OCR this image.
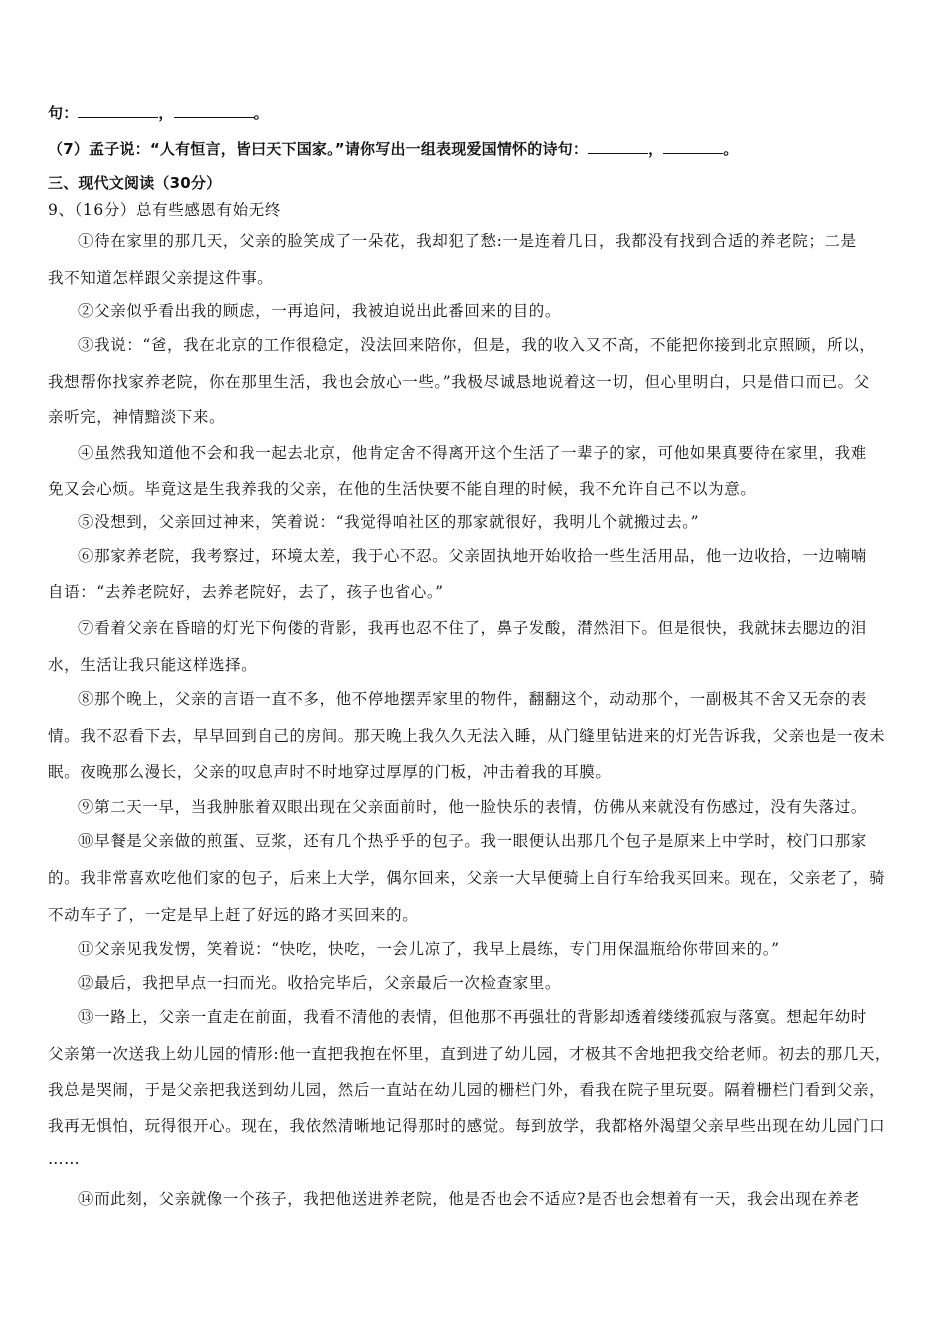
句：	，	。
（7）孟子说：“人有恒言，皆曰天下国家。”请你写出一组表现爱国情怀的诗句：	，	。
三、现代文阅读（30分）
9、（16分）总有些感恩有始无终
①待在家里的那几天，父亲的脸笑成了一朵花，我却犯了愁:一是连着几日，我都没有找到合适的养老院；二是
我不知道怎样跟父亲提这件事。
②父亲似乎看出我的顾虑，一再追问，我被迫说出此番回来的目的。
③我说：“爸，我在北京的工作很稳定，没法回来陪你，但是，我的收入又不高，不能把你接到北京照顾，所以，
我想帮你找家养老院，你在那里生活，我也会放心一些。”我极尽诚恳地说着这一切，但心里明白，只是借口而已。父
亲听完，神情黯淡下来。
④虽然我知道他不会和我一起去北京，他肯定舍不得离开这个生活了一辈子的家，可他如果真要待在家里，我难
免又会心烦。毕竟这是生我养我的父亲，在他的生活快要不能自理的时候，我不允许自己不以为意。
⑤没想到，父亲回过神来，笑着说：“我觉得咱社区的那家就很好，我明儿个就搬过去。”
⑥那家养老院，我考察过，环境太差，我于心不忍。父亲固执地开始收拾一些生活用品，他一边收拾，一边喃喃
自语：“去养老院好，去养老院好，去了，孩子也省心。”
⑦看着父亲在昏暗的灯光下佝偻的背影，我再也忍不住了，鼻子发酸，潸然泪下。但是很快，我就抹去腮边的泪
水，生活让我只能这样选择。
⑧那个晚上，父亲的言语一直不多，他不停地摆弄家里的物件，翻翻这个，动动那个，一副极其不舍又无奈的表
情。我不忍看下去，早早回到自己的房间。那天晚上我久久无法入睡，从门缝里钻进来的灯光告诉我，父亲也是一夜未
眠。夜晚那么漫长，父亲的叹息声时不时地穿过厚厚的门板，冲击着我的耳膜。
⑨第二天一早，当我肿胀着双眼出现在父亲面前时，他一脸快乐的表情，仿佛从来就没有伤感过，没有失落过。
⑩早餐是父亲做的煎蛋、豆浆，还有几个热乎乎的包子。我一眼便认出那几个包子是原来上中学时，校门口那家
的。我非常喜欢吃他们家的包子，后来上大学，偶尔回来，父亲一大早便骑上自行车给我买回来。现在，父亲老了，骑
不动车子了，一定是早上赶了好远的路才买回来的。
⑪父亲见我发愣，笑着说：“快吃，快吃，一会儿凉了，我早上晨练，专门用保温瓶给你带回来的。”
⑫最后，我把早点一扫而光。收拾完毕后，父亲最后一次检查家里。
⑬一路上，父亲一直走在前面，我看不清他的表情，但他那不再强壮的背影却透着缕缕孤寂与落寞。想起年幼时
父亲第一次送我上幼儿园的情形:他一直把我抱在怀里，直到进了幼儿园，才极其不舍地把我交给老师。初去的那几天，
我总是哭闹，于是父亲把我送到幼儿园，然后一直站在幼儿园的栅栏门外，看我在院子里玩耍。隔着栅栏门看到父亲，
我再无惧怕，玩得很开心。现在，我依然清晰地记得那时的感觉。每到放学，我都格外渴望父亲早些出现在幼儿园门口
……
⑭而此刻，父亲就像一个孩子，我把他送进养老院，他是否也会不适应?是否也会想着有一天，我会出现在养老
